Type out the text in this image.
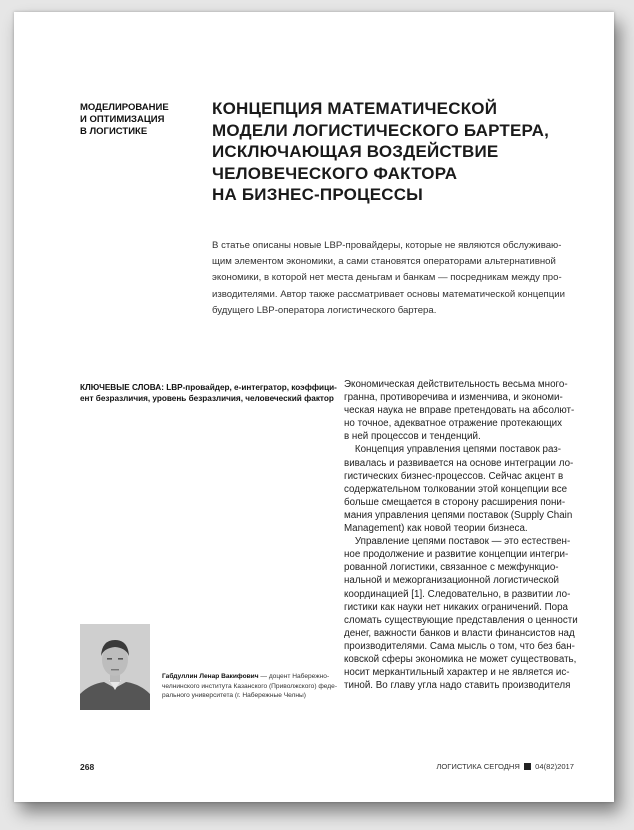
МОДЕЛИРОВАНИЕ
И ОПТИМИЗАЦИЯ
В ЛОГИСТИКЕ
КОНЦЕПЦИЯ МАТЕМАТИЧЕСКОЙ
МОДЕЛИ ЛОГИСТИЧЕСКОГО БАРТЕРА,
ИСКЛЮЧАЮЩАЯ ВОЗДЕЙСТВИЕ
ЧЕЛОВЕЧЕСКОГО ФАКТОРА
НА БИЗНЕС-ПРОЦЕССЫ
В статье описаны новые LBP-провайдеры, которые не являются обслуживаю-
щим элементом экономики, а сами становятся операторами альтернативной
экономики, в которой нет места деньгам и банкам — посредникам между про-
изводителями. Автор также рассматривает основы математической концепции
будущего LBP-оператора логистического бартера.
КЛЮЧЕВЫЕ СЛОВА: LBP-провайдер, e-интегратор, коэффици-
ент безразличия, уровень безразличия, человеческий фактор
Экономическая действительность весьма много-
гранна, противоречива и изменчива, и экономи-
ческая наука не вправе претендовать на абсолют-
но точное, адекватное отражение протекающих
в ней процессов и тенденций.
Концепция управления цепями поставок раз-
вивалась и развивается на основе интеграции ло-
гистических бизнес-процессов. Сейчас акцент в
содержательном толковании этой концепции все
больше смещается в сторону расширения пони-
мания управления цепями поставок (Supply Chain
Management) как новой теории бизнеса.
Управление цепями поставок — это естествен-
ное продолжение и развитие концепции интегри-
рованной логистики, связанное с межфункцио-
нальной и межорганизационной логистической
координацией [1]. Следовательно, в развитии ло-
гистики как науки нет никаких ограничений. Пора
сломать существующие представления о ценности
денег, важности банков и власти финансистов над
производителями. Сама мысль о том, что без бан-
ковской сферы экономика не может существовать,
носит меркантильный характер и не является ис-
тиной. Во главу угла надо ставить производителя
Габдуллин Ленар Вакифович — доцент Набережно-
челнинского института Казанского (Приволжского) феде-
рального университета (г. Набережные Челны)
268	ЛОГИСТИКА СЕГОДНЯ 04(82)2017
